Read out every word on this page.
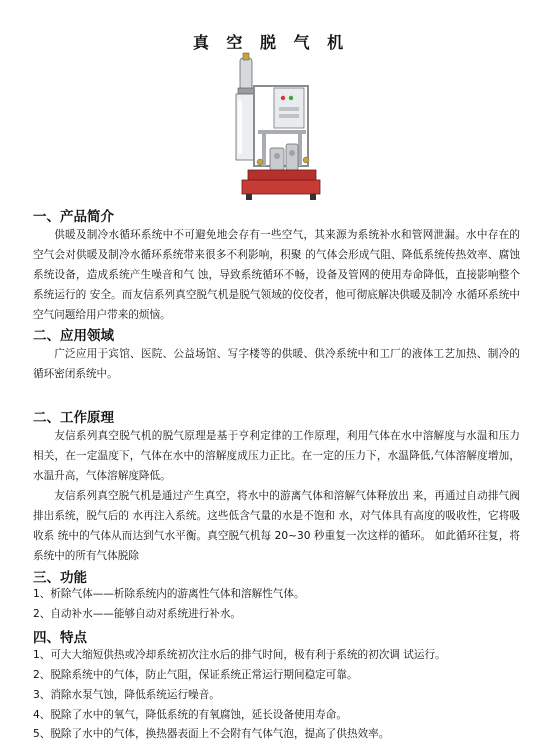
真 空 脱 气 机
一、产品简介

供暖及制冷水循环系统中不可避免地会存有一些空气，其来源为系统补水和管网泄漏。水中存在的空气会对供暖及制冷水循环系统带来很多不利影响，积聚 的气体会形成气阻、降低系统传热效率、腐蚀系统设备，造成系统产生噪音和气 蚀，导致系统循环不畅，设备及管网的使用寿命降低，直接影响整个系统运行的 安全。而友信系列真空脱气机是脱气领域的佼佼者，他可彻底解决供暖及制冷 水循环系统中空气问题给用户带来的烦恼。

二、应用领域

广泛应用于宾馆、医院、公益场馆、写字楼等的供暖、供冷系统中和工厂的液体工艺加热、制冷的循环密闭系统中。

二、工作原理

友信系列真空脱气机的脱气原理是基于亨利定律的工作原理，利用气体在水中溶解度与水温和压力相关，在一定温度下，气体在水中的溶解度成压力正比。在一定的压力下，水温降低,气体溶解度增加，水温升高，气体溶解度降低。

友信系列真空脱气机是通过产生真空，将水中的游离气体和溶解气体释放出 来，再通过自动排气阀排出系统，脱气后的 水再注入系统。这些低含气量的水是不饱和 水，对气体具有高度的吸收性，它将吸收系 统中的气体从而达到气水平衡。真空脱气机每 20~30 秒重复一次这样的循环。 如此循环往复，将系统中的所有气体脱除

三、功能

1、析除气体——析除系统内的游离性气体和溶解性气体。

2、自动补水——能够自动对系统进行补水。

四、特点

1、可大大缩短供热或冷却系统初次注水后的排气时间，极有利于系统的初次调 试运行。

2、脱除系统中的气体，防止气阻，保证系统正常运行期间稳定可靠。

3、消除水泵气蚀，降低系统运行噪音。

4、脱除了水中的氧气，降低系统的有氧腐蚀，延长设备使用寿命。

5、脱除了水中的气体，换热器表面上不会附有气体气泡，提高了供热效率。
